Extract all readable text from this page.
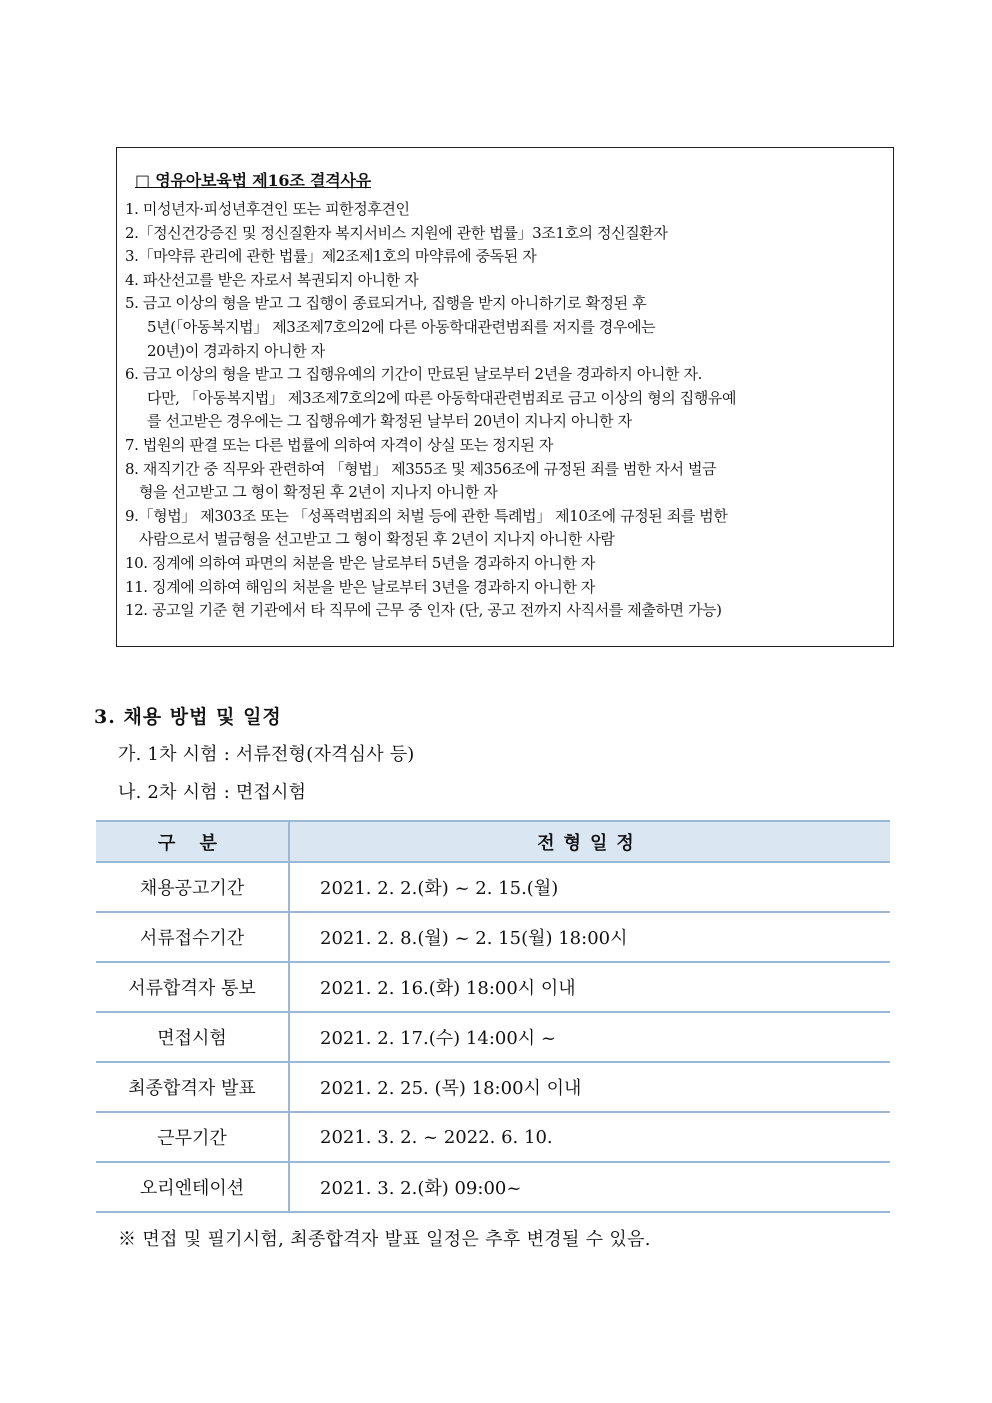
□ 영유아보육법 제16조 결격사유
1. 미성년자·피성년후견인 또는 피한정후견인
2.「정신건강증진 및 정신질환자 복지서비스 지원에 관한 법률」3조1호의 정신질환자
3.「마약류 관리에 관한 법률」제2조제1호의 마약류에 중독된 자
4. 파산선고를 받은 자로서 복권되지 아니한 자
5. 금고 이상의 형을 받고 그 집행이 종료되거나, 집행을 받지 아니하기로 확정된 후
5년(「아동복지법」 제3조제7호의2에 다른 아동학대관련범죄를 저지를 경우에는
20년)이 경과하지 아니한 자
6. 금고 이상의 형을 받고 그 집행유예의 기간이 만료된 날로부터 2년을 경과하지 아니한 자.
다만, 「아동복지법」 제3조제7호의2에 따른 아동학대관련범죄로 금고 이상의 형의 집행유예
를 선고받은 경우에는 그 집행유예가 확정된 날부터 20년이 지나지 아니한 자
7. 법원의 판결 또는 다른 법률에 의하여 자격이 상실 또는 정지된 자
8. 재직기간 중 직무와 관련하여 「형법」 제355조 및 제356조에 규정된 죄를 범한 자서 벌금
형을 선고받고 그 형이 확정된 후 2년이 지나지 아니한 자
9.「형법」 제303조 또는 「성폭력범죄의 처벌 등에 관한 특례법」 제10조에 규정된 죄를 범한
사람으로서 벌금형을 선고받고 그 형이 확정된 후 2년이 지나지 아니한 사람
10. 징계에 의하여 파면의 처분을 받은 날로부터 5년을 경과하지 아니한 자
11. 징계에 의하여 해임의 처분을 받은 날로부터 3년을 경과하지 아니한 자
12. 공고일 기준 현 기관에서 타 직무에 근무 중 인자 (단, 공고 전까지 사직서를 제출하면 가능)
3. 채용 방법 및 일정
가. 1차 시험 : 서류전형(자격심사 등)
나. 2차 시험 : 면접시험
구 분	전형일정
채용공고기간	2021. 2. 2.(화) ~ 2. 15.(월)
서류접수기간	2021. 2. 8.(월) ~ 2. 15(월) 18:00시
서류합격자 통보	2021. 2. 16.(화) 18:00시 이내
면접시험	2021. 2. 17.(수) 14:00시 ~
최종합격자 발표	2021. 2. 25. (목) 18:00시 이내
근무기간	2021. 3. 2. ~ 2022. 6. 10.
오리엔테이션	2021. 3. 2.(화) 09:00~
※ 면접 및 필기시험, 최종합격자 발표 일정은 추후 변경될 수 있음.
